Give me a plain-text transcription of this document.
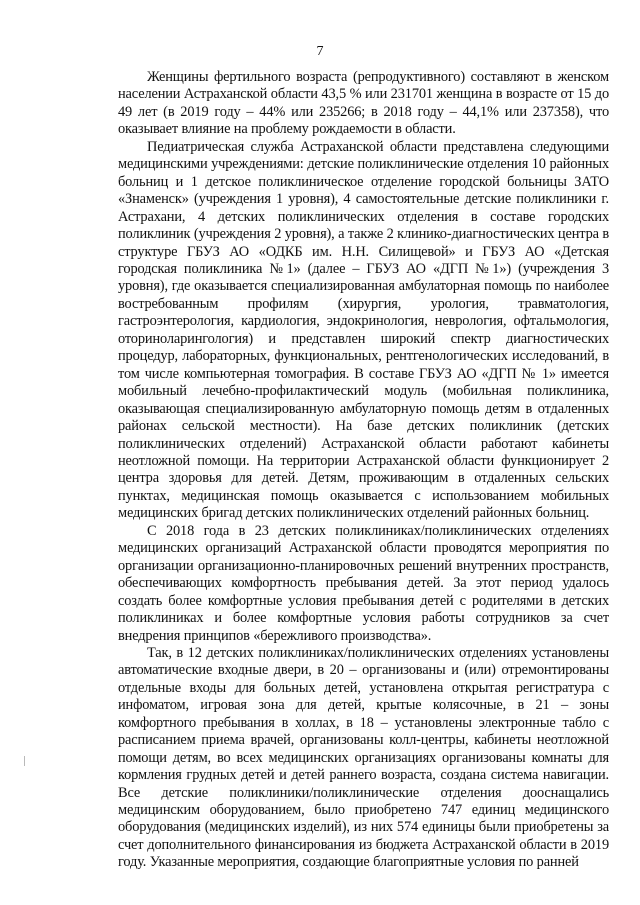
7

Женщины фертильного возраста (репродуктивного) составляют в женском населении Астраханской области 43,5 % или 231701 женщина в возрасте от 15 до 49 лет (в 2019 году – 44% или 235266; в 2018 году – 44,1% или 237358), что оказывает влияние на проблему рождаемости в области.

Педиатрическая служба Астраханской области представлена следующими медицинскими учреждениями: детские поликлинические отделения 10 районных больниц и 1 детское поликлиническое отделение городской больницы ЗАТО «Знаменск» (учреждения 1 уровня), 4 самостоятельные детские поликлиники г. Астрахани, 4 детских поликлинических отделения в составе городских поликлиник (учреждения 2 уровня), а также 2 клинико-диагностических центра в структуре ГБУЗ АО «ОДКБ им. Н.Н. Силищевой» и ГБУЗ АО «Детская городская поликлиника №1» (далее – ГБУЗ АО «ДГП №1») (учреждения 3 уровня), где оказывается специализированная амбулаторная помощь по наиболее востребованным профилям (хирургия, урология, травматология, гастроэнтерология, кардиология, эндокринология, неврология, офтальмология, оториноларингология) и представлен широкий спектр диагностических процедур, лабораторных, функциональных, рентгенологических исследований, в том числе компьютерная томография. В составе ГБУЗ АО «ДГП № 1» имеется мобильный лечебно-профилактический модуль (мобильная поликлиника, оказывающая специализированную амбулаторную помощь детям в отдаленных районах сельской местности). На базе детских поликлиник (детских поликлинических отделений) Астраханской области работают кабинеты неотложной помощи. На территории Астраханской области функционирует 2 центра здоровья для детей. Детям, проживающим в отдаленных сельских пунктах, медицинская помощь оказывается с использованием мобильных медицинских бригад детских поликлинических отделений районных больниц.

С 2018 года в 23 детских поликлиниках/поликлинических отделениях медицинских организаций Астраханской области проводятся мероприятия по организации организационно-планировочных решений внутренних пространств, обеспечивающих комфортность пребывания детей. За этот период удалось создать более комфортные условия пребывания детей с родителями в детских поликлиниках и более комфортные условия работы сотрудников за счет внедрения принципов «бережливого производства».

Так, в 12 детских поликлиниках/поликлинических отделениях установлены автоматические входные двери, в 20 – организованы и (или) отремонтированы отдельные входы для больных детей, установлена открытая регистратура с инфоматом, игровая зона для детей, крытые колясочные, в 21 – зоны комфортного пребывания в холлах, в 18 – установлены электронные табло с расписанием приема врачей, организованы колл-центры, кабинеты неотложной помощи детям, во всех медицинских организациях организованы комнаты для кормления грудных детей и детей раннего возраста, создана система навигации. Все детские поликлиники/поликлинические отделения дооснащались медицинским оборудованием, было приобретено 747 единиц медицинского оборудования (медицинских изделий), из них 574 единицы были приобретены за счет дополнительного финансирования из бюджета Астраханской области в 2019 году. Указанные мероприятия, создающие благоприятные условия по ранней
